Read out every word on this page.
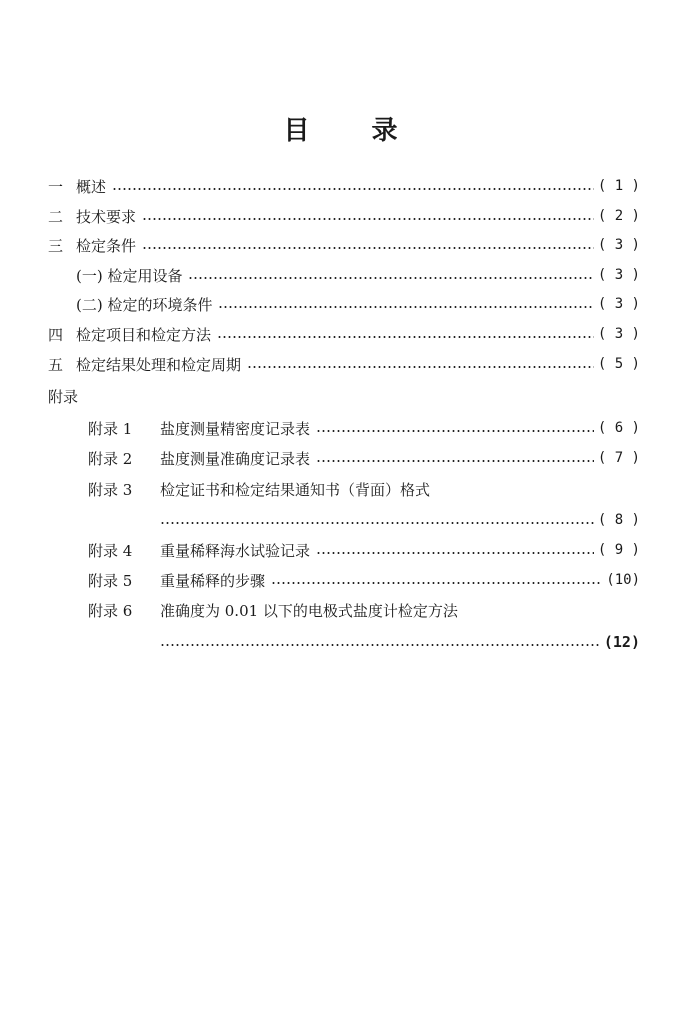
目录
一 概述	( 1 )
二 技术要求	( 2 )
三 检定条件	( 3 )
(一) 检定用设备	( 3 )
(二) 检定的环境条件	( 3 )
四 检定项目和检定方法	( 3 )
五 检定结果处理和检定周期	( 5 )
附录
附录 1	盐度测量精密度记录表	( 6 )
附录 2	盐度测量准确度记录表	( 7 )
附录 3	检定证书和检定结果通知书（背面）格式
( 8 )
附录 4	重量稀释海水试验记录	( 9 )
附录 5	重量稀释的步骤	(10)
附录 6	准确度为 0.01 以下的电极式盐度计检定方法
(12)
